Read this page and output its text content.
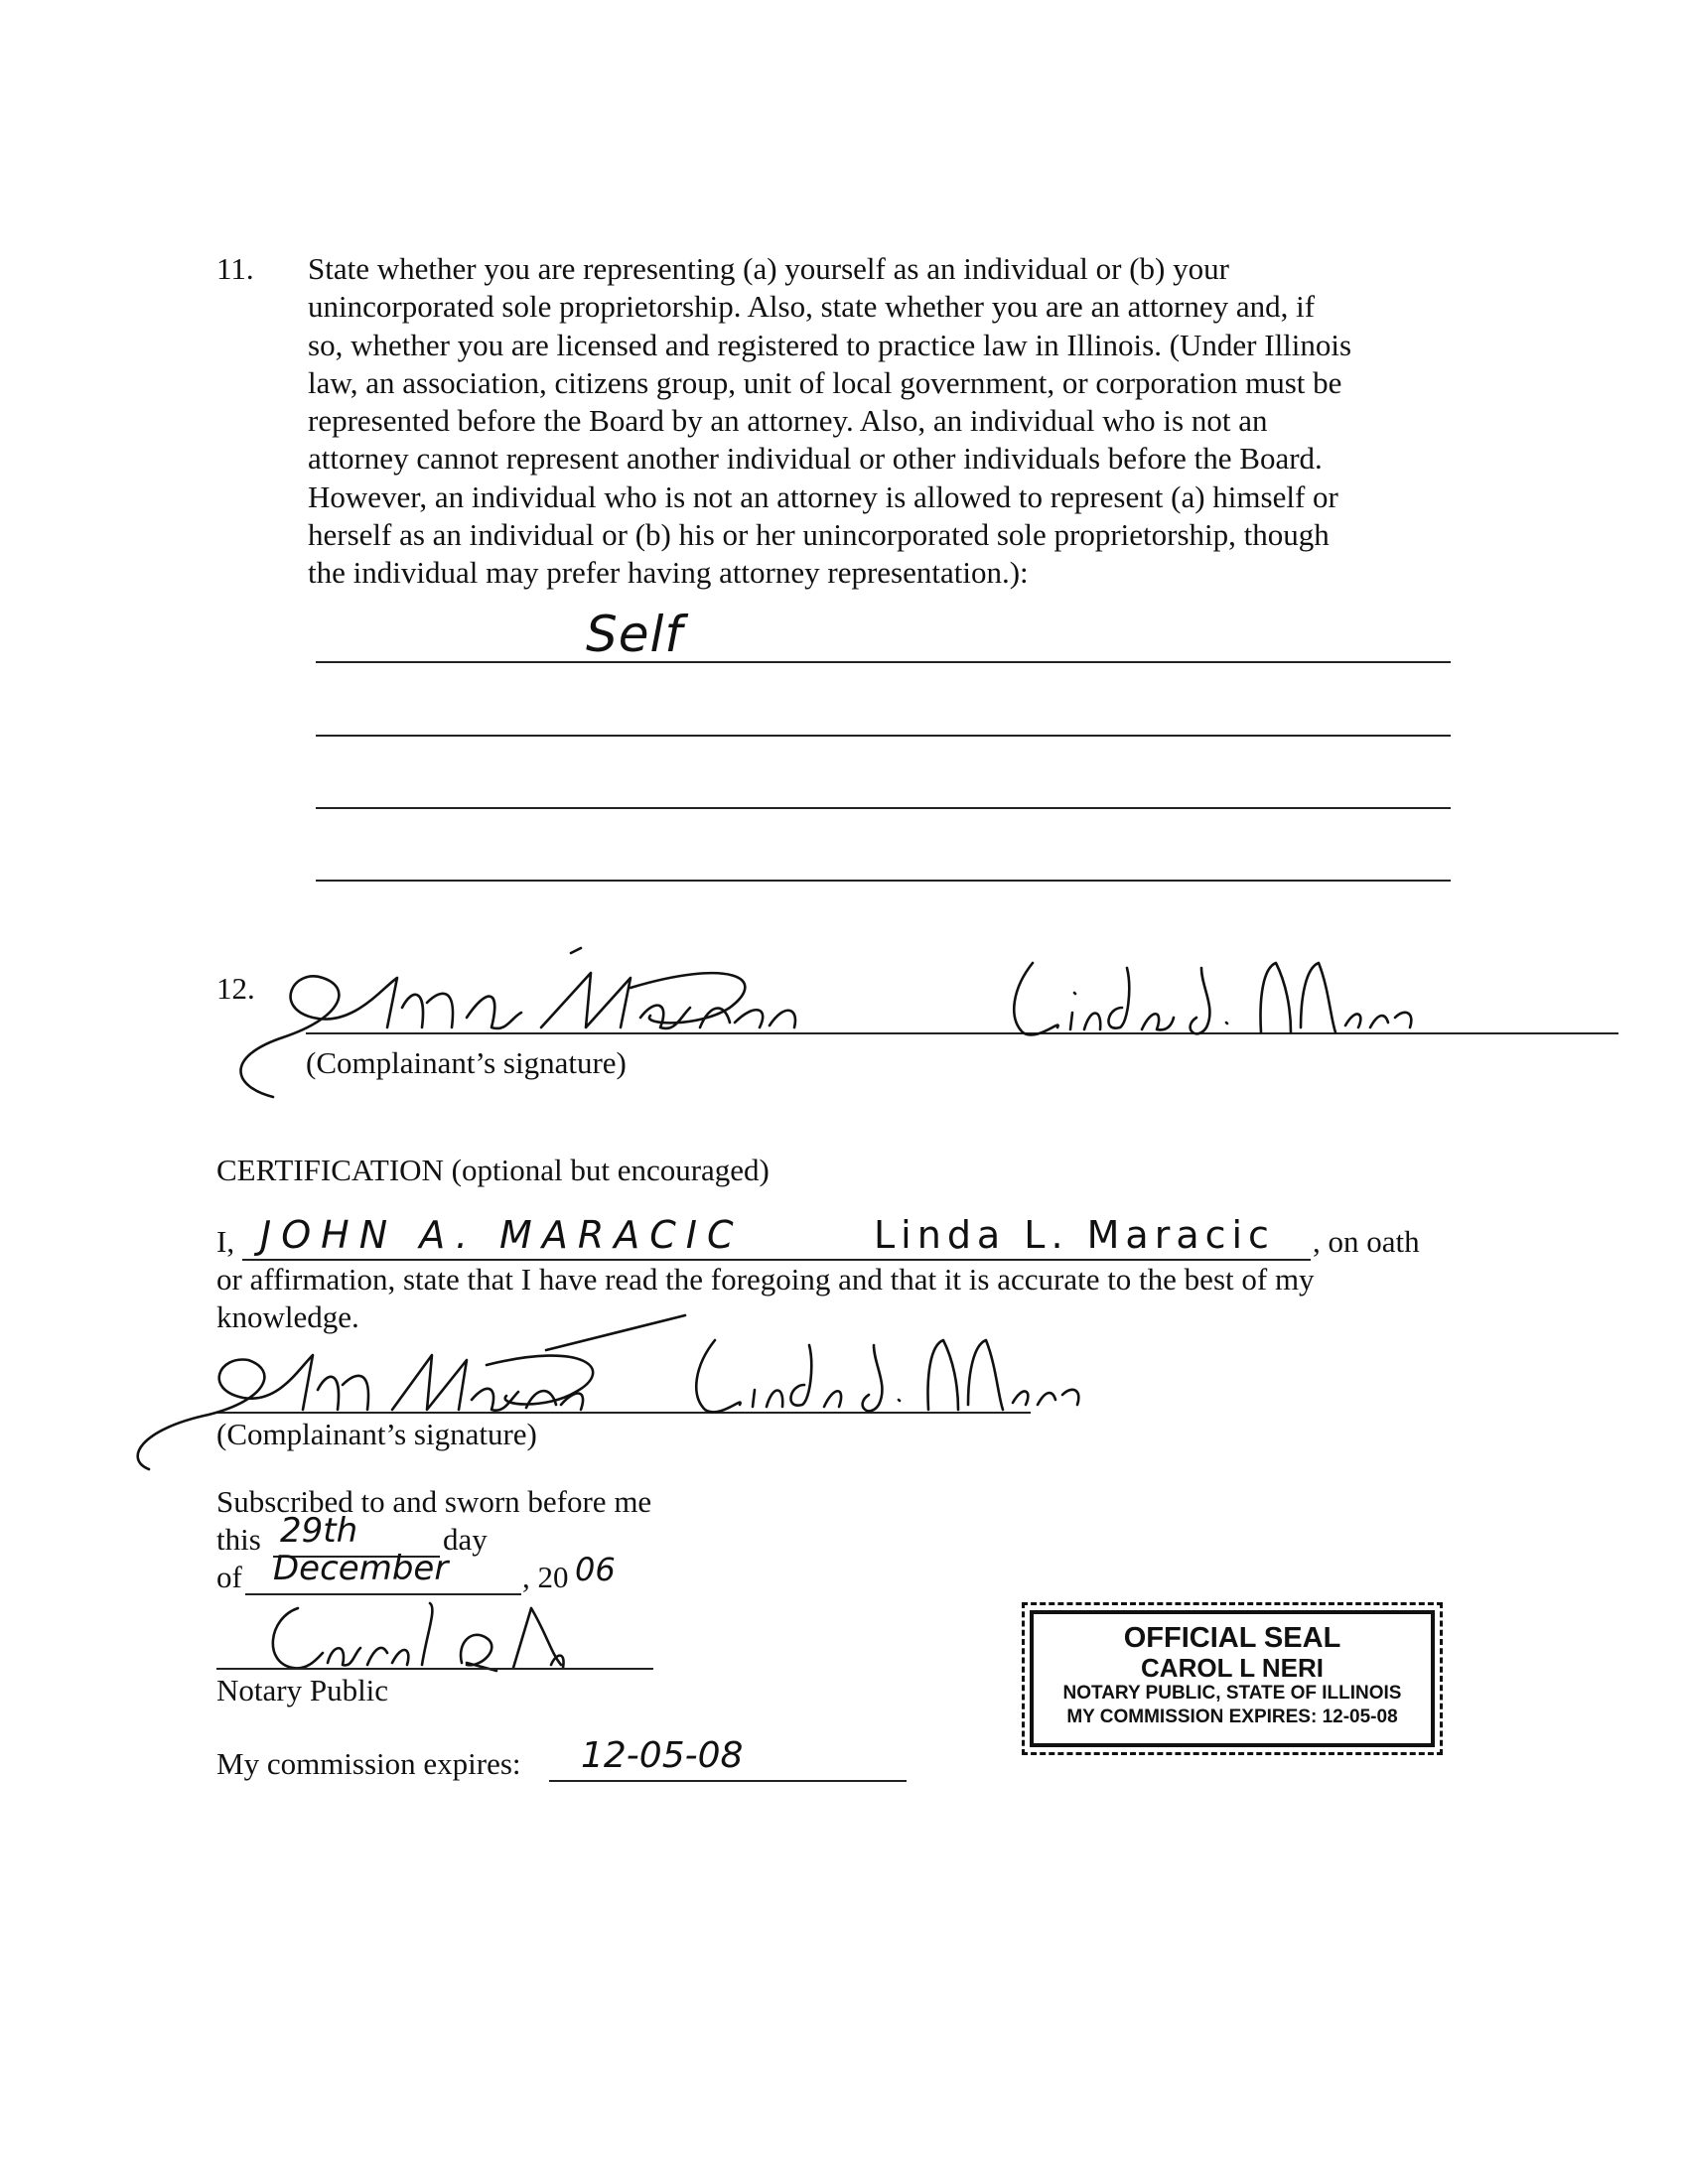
11. State whether you are representing (a) yourself as an individual or (b) your
unincorporated sole proprietorship. Also, state whether you are an attorney and, if
so, whether you are licensed and registered to practice law in Illinois. (Under Illinois
law, an association, citizens group, unit of local government, or corporation must be
represented before the Board by an attorney. Also, an individual who is not an
attorney cannot represent another individual or other individuals before the Board.
However, an individual who is not an attorney is allowed to represent (a) himself or
herself as an individual or (b) his or her unincorporated sole proprietorship, though
the individual may prefer having attorney representation.):
Self
12.
(Complainant’s signature)
CERTIFICATION (optional but encouraged)
I, JOHN A. MARACIC	Linda L. Maracic , on oath
or affirmation, state that I have read the foregoing and that it is accurate to the best of my
knowledge.
(Complainant’s signature)
Subscribed to and sworn before me
this 29th	day
of December , 20 06
Notary Public
My commission expires: 12-05-08
OFFICIAL SEAL
CAROL L NERI
NOTARY PUBLIC, STATE OF ILLINOIS
MY COMMISSION EXPIRES: 12-05-08
